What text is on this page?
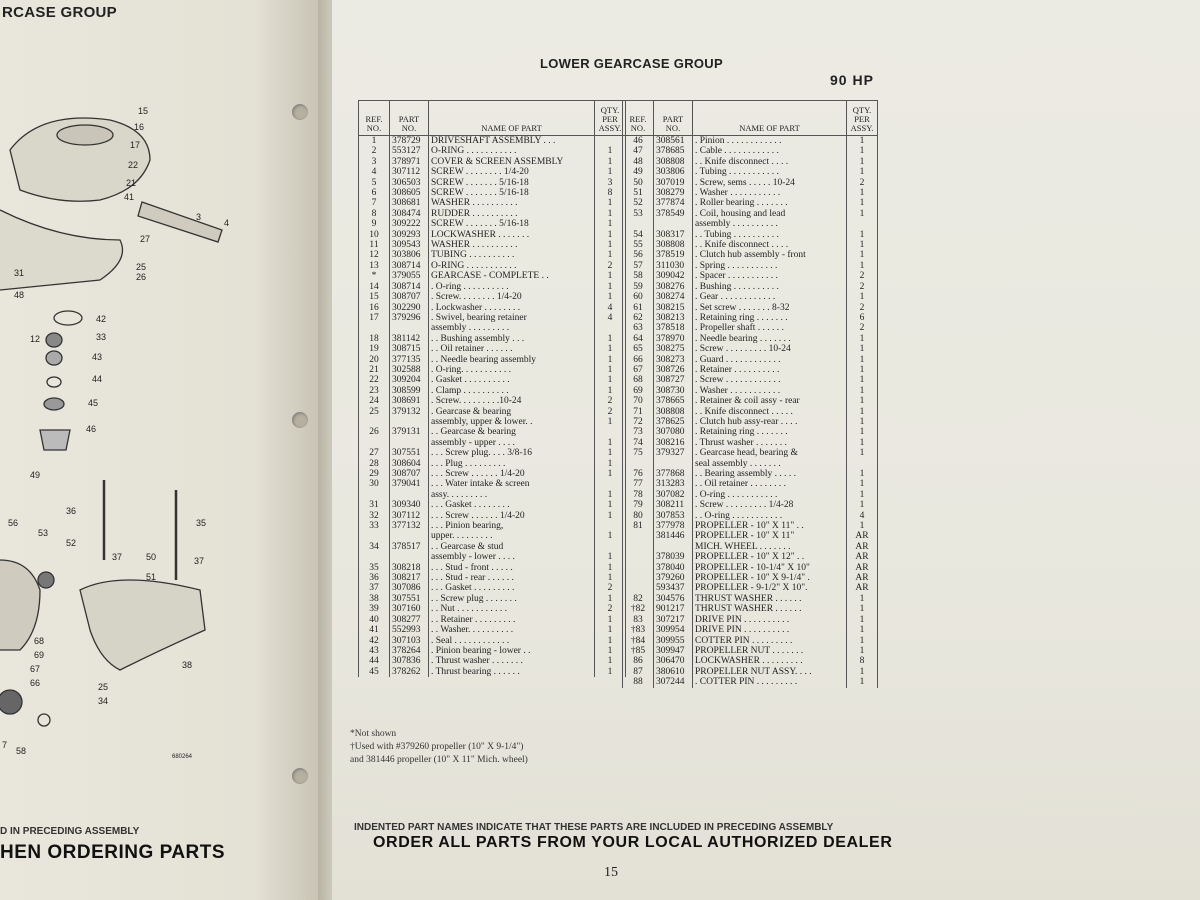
RCASE GROUP
15
16
17
22
21
41
3
4
27
25
26
31
48
12
42
33
43
44
45
46
49
36
35
56
53
52
37	50
51
37
68
69
67
66	25
34
38
58
7
680264
D IN PRECEDING ASSEMBLY
HEN ORDERING PARTS
LOWER GEARCASE GROUP
90 HP
REF. NO.	PART NO.	NAME OF PART	QTY. PER ASSY.
1	378729	DRIVESHAFT ASSEMBLY . . .	
2	553127	O-RING . . . . . . . . . . .	1
3	378971	COVER & SCREEN ASSEMBLY	1
4	307112	SCREW . . . . . . . . 1/4-20	1
5	306503	SCREW . . . . . . . 5/16-18	3
6	308605	SCREW . . . . . . . 5/16-18	8
7	308681	WASHER . . . . . . . . . .	1
8	308474	RUDDER . . . . . . . . . .	1
9	309222	SCREW . . . . . . . 5/16-18	1
10	309293	LOCKWASHER . . . . . . .	1
11	309543	WASHER . . . . . . . . . .	1
12	303806	TUBING . . . . . . . . . .	1
13	308714	O-RING . . . . . . . . . . .	2
*	379055	GEARCASE - COMPLETE . .	1
14	308714	. O-ring . . . . . . . . . .	1
15	308707	. Screw. . . . . . . . 1/4-20	1
16	302290	. Lockwasher . . . . . . . .	4
17	379296	. Swivel, bearing retainer	4
		assembly . . . . . . . . .	
18	381142	. . Bushing assembly . . .	1
19	308715	. . Oil retainer . . . . . .	1
20	377135	. . Needle bearing assembly	1
21	302588	. O-ring. . . . . . . . . . .	1
22	309204	. Gasket . . . . . . . . . .	1
23	308599	. Clamp . . . . . . . . . .	1
24	308691	. Screw. . . . . . . . .10-24	2
25	379132	. Gearcase & bearing	2
		assembly, upper & lower. .	1
26	379131	. . Gearcase & bearing	
		assembly - upper . . . .	1
27	307551	. . . Screw plug. . . . 3/8-16	1
28	308604	. . . Plug . . . . . . . . .	1
29	308707	. . . Screw . . . . . . 1/4-20	1
30	379041	. . . Water intake & screen	
		assy. . . . . . . . .	1
31	309340	. . . Gasket . . . . . . . .	1
32	307112	. . . Screw . . . . . . 1/4-20	1
33	377132	. . . Pinion bearing,	
		upper. . . . . . . . .	1
34	378517	. . Gearcase & stud	
		assembly - lower . . . .	1
35	308218	. . . Stud - front . . . . .	1
36	308217	. . . Stud - rear . . . . . .	1
37	307086	. . . Gasket . . . . . . . . .	2
38	307551	. . Screw plug . . . . . . .	1
39	307160	. . Nut . . . . . . . . . . .	2
40	308277	. . Retainer . . . . . . . . .	1
41	552993	. . Washer. . . . . . . . . .	1
42	307103	. Seal . . . . . . . . . . . .	1
43	378264	. Pinion bearing - lower . .	1
44	307836	. Thrust washer . . . . . . .	1
45	378262	. Thrust bearing . . . . . .	1
REF. NO.	PART NO.	NAME OF PART	QTY. PER ASSY.
46	308561	. Pinion . . . . . . . . . . . .	1
47	378685	. Cable . . . . . . . . . . . .	1
48	308808	. . Knife disconnect . . . .	1
49	303806	. Tubing . . . . . . . . . . .	1
50	307019	. Screw, sems . . . . . 10-24	2
51	308279	. Washer . . . . . . . . . . .	1
52	377874	. Roller bearing . . . . . . .	1
53	378549	. Coil, housing and lead	1
		assembly . . . . . . . . . .	
54	308317	. . Tubing . . . . . . . . . .	1
55	308808	. . Knife disconnect . . . .	1
56	378519	. Clutch hub assembly - front	1
57	311030	. Spring . . . . . . . . . . .	1
58	309042	. Spacer . . . . . . . . . . .	2
59	308276	. Bushing . . . . . . . . . .	2
60	308274	. Gear . . . . . . . . . . . .	1
61	308215	. Set screw . . . . . . . 8-32	2
62	308213	. Retaining ring . . . . . . .	6
63	378518	. Propeller shaft . . . . . .	2
64	378970	. Needle bearing . . . . . . .	1
65	308275	. Screw . . . . . . . . . 10-24	1
66	308273	. Guard . . . . . . . . . . . .	1
67	308726	. Retainer . . . . . . . . . .	1
68	308727	. Screw . . . . . . . . . . . .	1
69	308730	. Washer . . . . . . . . . . .	1
70	378665	. Retainer & coil assy - rear	1
71	308808	. . Knife disconnect . . . . .	1
72	378625	. Clutch hub assy-rear . . . .	1
73	307080	. Retaining ring . . . . . . .	1
74	308216	. Thrust washer . . . . . . .	1
75	379327	. Gearcase head, bearing &	1
		seal assembly . . . . . . .	
76	377868	. . Bearing assembly . . . . .	1
77	313283	. . Oil retainer . . . . . . . .	1
78	307082	. O-ring . . . . . . . . . . .	1
79	308211	. Screw . . . . . . . . . 1/4-28	1
80	307853	. . O-ring . . . . . . . . . . .	4
81	377978	PROPELLER - 10" X 11" . .	1
	381446	PROPELLER - 10" X 11"	AR
		MICH. WHEEL . . . . . . .	AR
	378039	PROPELLER - 10" X 12" . .	AR
	378040	PROPELLER - 10-1/4" X 10"	AR
	379260	PROPELLER - 10" X 9-1/4" .	AR
	593437	PROPELLER - 9-1/2" X 10".	AR
82	304576	THRUST WASHER . . . . . .	1
†82	901217	THRUST WASHER . . . . . .	1
83	307217	DRIVE PIN . . . . . . . . . .	1
†83	309954	DRIVE PIN . . . . . . . . . .	1
†84	309955	COTTER PIN . . . . . . . . .	1
†85	309947	PROPELLER NUT . . . . . . .	1
86	306470	LOCKWASHER . . . . . . . . .	8
87	380610	PROPELLER NUT ASSY. . . .	1
88	307244	. COTTER PIN . . . . . . . . .	1
*Not shown
†Used with #379260 propeller (10" X 9-1/4")
and 381446 propeller (10" X 11" Mich. wheel)
INDENTED PART NAMES INDICATE THAT THESE PARTS ARE INCLUDED IN PRECEDING ASSEMBLY
ORDER ALL PARTS FROM YOUR LOCAL AUTHORIZED DEALER
15
